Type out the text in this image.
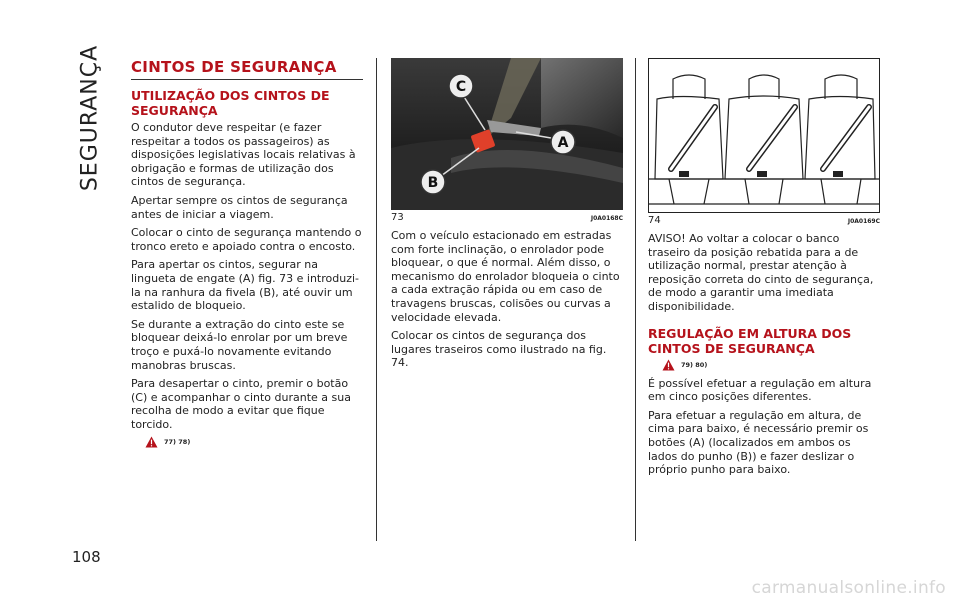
SEGURANÇA
108
CINTOS DE SEGURANÇA
UTILIZAÇÃO DOS CINTOS DE SEGURANÇA

O condutor deve respeitar (e fazer respeitar a todos os passageiros) as disposições legislativas locais relativas à obrigação e formas de utilização dos cintos de segurança.

Apertar sempre os cintos de segurança antes de iniciar a viagem.

Colocar o cinto de segurança mantendo o tronco ereto e apoiado contra o encosto.

Para apertar os cintos, segurar na lingueta de engate (A) fig. 73 e introduzi-la na ranhura da fivela (B), até ouvir um estalido de bloqueio.

Se durante a extração do cinto este se bloquear deixá-lo enrolar por um breve troço e puxá-lo novamente evitando manobras bruscas.

Para desapertar o cinto, premir o botão (C) e acompanhar o cinto durante a sua recolha de modo a evitar que fique torcido.

77) 78)
C
A
B
73	J0A0168C

Com o veículo estacionado em estradas com forte inclinação, o enrolador pode bloquear, o que é normal. Além disso, o mecanismo do enrolador bloqueia o cinto a cada extração rápida ou em caso de travagens bruscas, colisões ou curvas a velocidade elevada.

Colocar os cintos de segurança dos lugares traseiros como ilustrado na fig. 74.

74	J0A0169C

AVISO! Ao voltar a colocar o banco traseiro da posição rebatida para a de utilização normal, prestar atenção à reposição correta do cinto de segurança, de modo a garantir uma imediata disponibilidade.

REGULAÇÃO EM ALTURA DOS CINTOS DE SEGURANÇA
79) 80)

É possível efetuar a regulação em altura em cinco posições diferentes.

Para efetuar a regulação em altura, de cima para baixo, é necessário premir os botões (A) (localizados em ambos os lados do punho (B)) e fazer deslizar o próprio punho para baixo.

carmanualsonline.info
